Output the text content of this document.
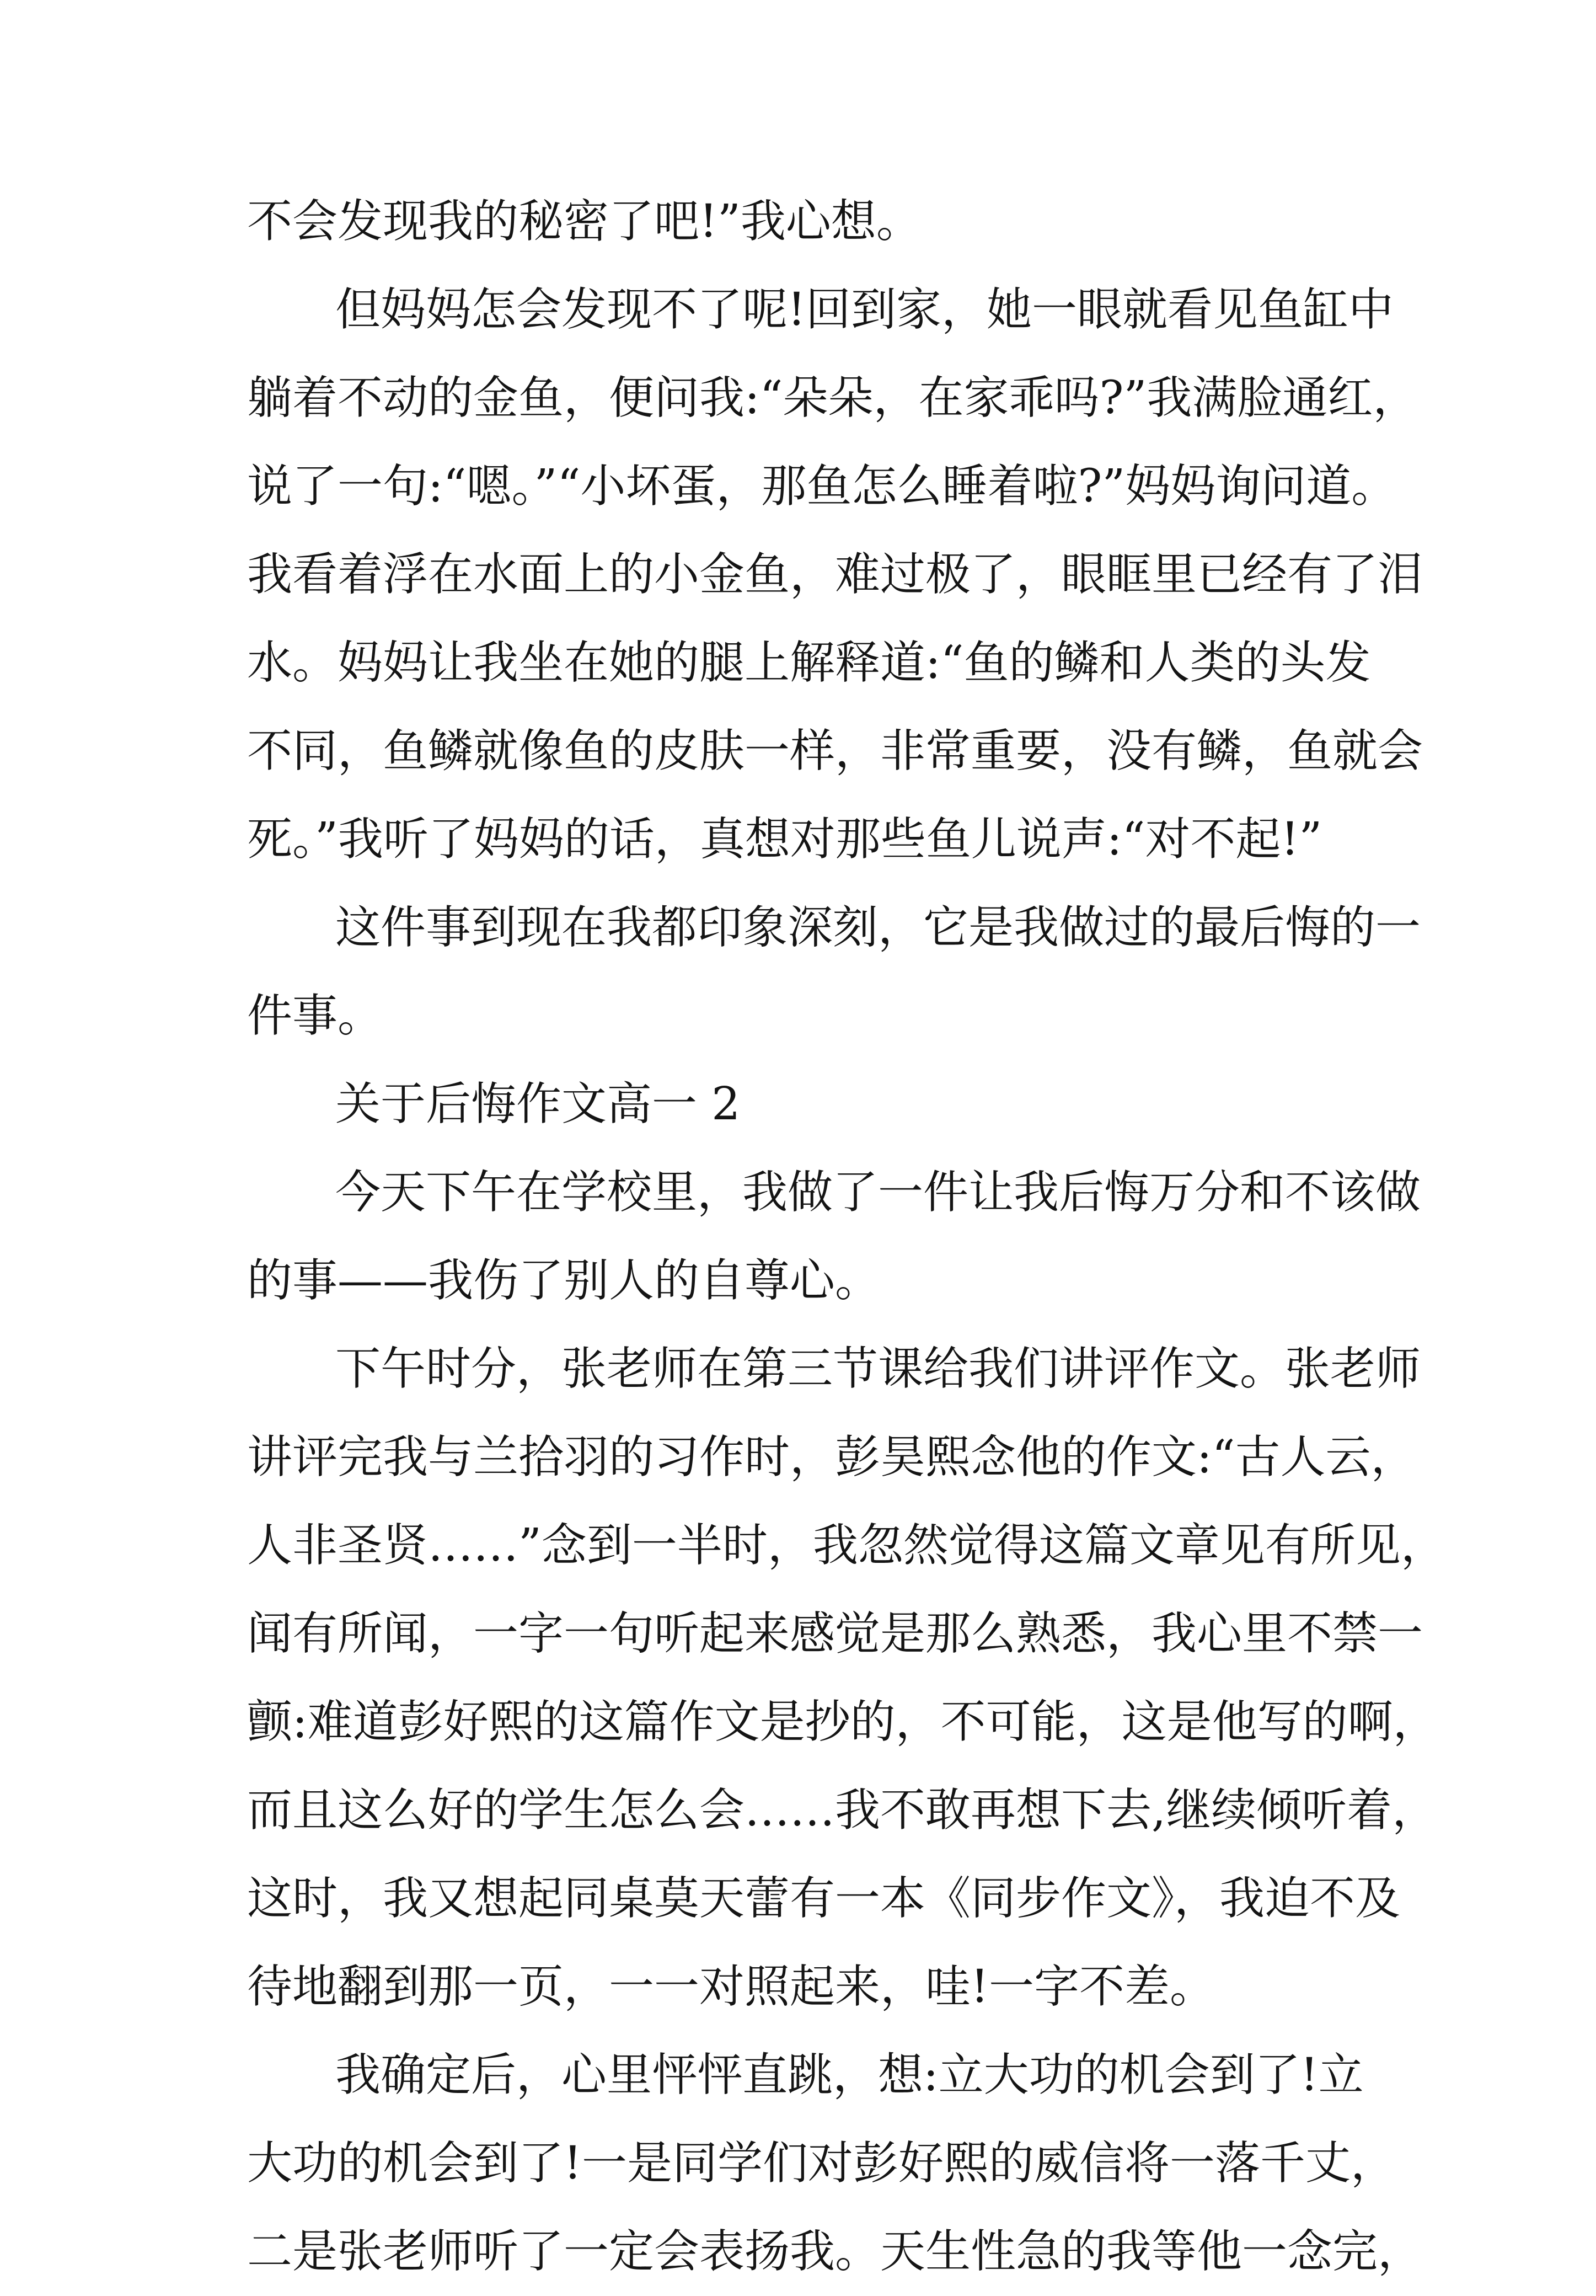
不会发现我的秘密了吧!”我心想。
但妈妈怎会发现不了呢!回到家，她一眼就看见鱼缸中
躺着不动的金鱼，便问我:“朵朵，在家乖吗?”我满脸通红，
说了一句:“嗯。”“小坏蛋，那鱼怎么睡着啦?”妈妈询问道。
我看着浮在水面上的小金鱼，难过极了，眼眶里已经有了泪
水。妈妈让我坐在她的腿上解释道:“鱼的鳞和人类的头发
不同，鱼鳞就像鱼的皮肤一样，非常重要，没有鳞，鱼就会
死。”我听了妈妈的话，真想对那些鱼儿说声:“对不起!”
这件事到现在我都印象深刻，它是我做过的最后悔的一
件事。
关于后悔作文高一 2
今天下午在学校里，我做了一件让我后悔万分和不该做
的事——我伤了别人的自尊心。
下午时分，张老师在第三节课给我们讲评作文。张老师
讲评完我与兰拾羽的习作时，彭昊熙念他的作文:“古人云，
人非圣贤……”念到一半时，我忽然觉得这篇文章见有所见，
闻有所闻，一字一句听起来感觉是那么熟悉，我心里不禁一
颤:难道彭好熙的这篇作文是抄的，不可能，这是他写的啊，
而且这么好的学生怎么会……我不敢再想下去,继续倾听着，
这时，我又想起同桌莫天蕾有一本《同步作文》，我迫不及
待地翻到那一页，一一对照起来，哇!一字不差。
我确定后，心里怦怦直跳，想:立大功的机会到了!立
大功的机会到了!一是同学们对彭好熙的威信将一落千丈，
二是张老师听了一定会表扬我。天生性急的我等他一念完，
